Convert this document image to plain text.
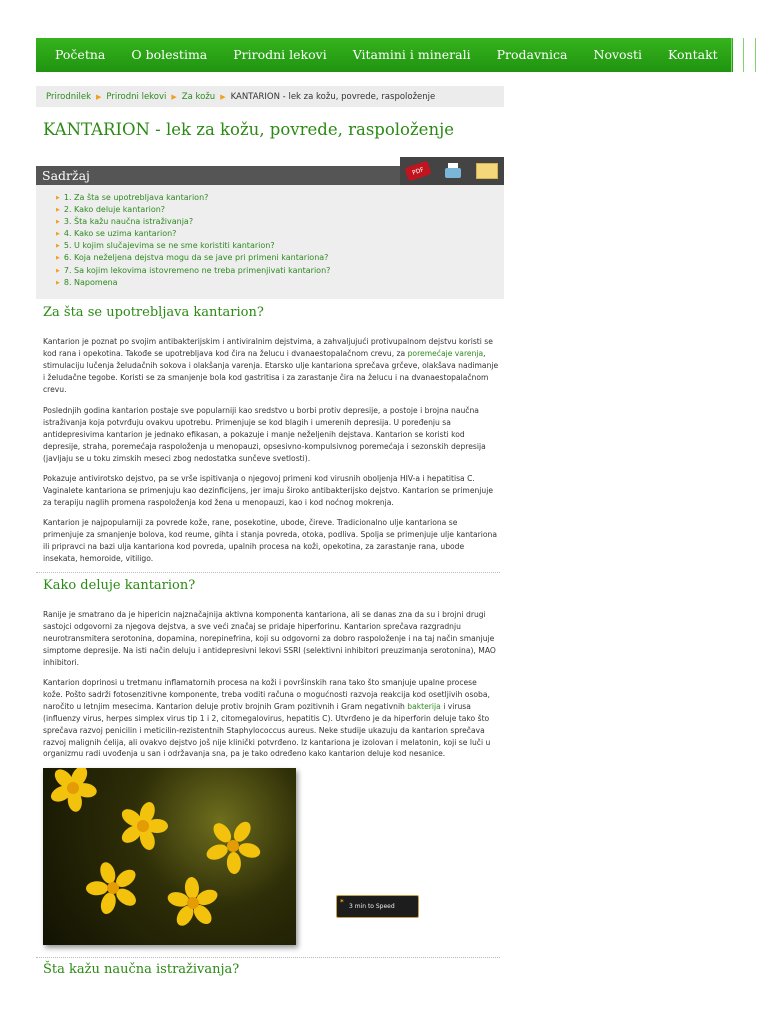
Početna	O bolestima	Prirodni lekovi	Vitamini i minerali	Prodavnica	Novosti	Kontakt
Prirodnilek ▶ Prirodni lekovi ▶ Za kožu ▶ KANTARION - lek za kožu, povrede, raspoloženje
KANTARION - lek za kožu, povrede, raspoloženje
Sadržaj	PDF
▶ 1. Za šta se upotrebljava kantarion?
▶ 2. Kako deluje kantarion?
▶ 3. Šta kažu naučna istraživanja?
▶ 4. Kako se uzima kantarion?
▶ 5. U kojim slučajevima se ne sme koristiti kantarion?
▶ 6. Koja neželjena dejstva mogu da se jave pri primeni kantariona?
▶ 7. Sa kojim lekovima istovremeno ne treba primenjivati kantarion?
▶ 8. Napomena
Za šta se upotrebljava kantarion?

Kantarion je poznat po svojim antibakterijskim i antiviralnim dejstvima, a zahvaljujući protivupalnom dejstvu koristi se kod rana i opekotina. Takođe se upotrebljava kod čira na želucu i dvanaestopalačnom crevu, za poremećaje varenja, stimulaciju lučenja želudačnih sokova i olakšanja varenja. Etarsko ulje kantariona sprečava grčeve, olakšava nadimanje i želudačne tegobe. Koristi se za smanjenje bola kod gastritisa i za zarastanje čira na želucu i na dvanaestopalačnom crevu.

Poslednjih godina kantarion postaje sve popularniji kao sredstvo u borbi protiv depresije, a postoje i brojna naučna istraživanja koja potvrđuju ovakvu upotrebu. Primenjuje se kod blagih i umerenih depresija. U poređenju sa antidepresivima kantarion je jednako efikasan, a pokazuje i manje neželjenih dejstava. Kantarion se koristi kod depresije, straha, poremećaja raspoloženja u menopauzi, opsesivno-kompulsivnog poremećaja i sezonskih depresija (javljaju se u toku zimskih meseci zbog nedostatka sunčeve svetlosti).

Pokazuje antivirotsko dejstvo, pa se vrše ispitivanja o njegovoj primeni kod virusnih oboljenja HIV-a i hepatitisa C. Vaginalete kantariona se primenjuju kao dezinficijens, jer imaju široko antibakterijsko dejstvo. Kantarion se primenjuje za terapiju naglih promena raspoloženja kod žena u menopauzi, kao i kod noćnog mokrenja.

Kantarion je najpopularniji za povrede kože, rane, posekotine, ubode, čireve. Tradicionalno ulje kantariona se primenjuje za smanjenje bolova, kod reume, gihta i stanja povreda, otoka, podliva. Spolja se primenjuje ulje kantariona ili pripravci na bazi ulja kantariona kod povreda, upalnih procesa na koži, opekotina, za zarastanje rana, ubode insekata, hemoroide, vitiligo.

Kako deluje kantarion?

Ranije je smatrano da je hipericin najznačajnija aktivna komponenta kantariona, ali se danas zna da su i brojni drugi sastojci odgovorni za njegova dejstva, a sve veći značaj se pridaje hiperforinu. Kantarion sprečava razgradnju neurotransmitera serotonina, dopamina, norepinefrina, koji su odgovorni za dobro raspoloženje i na taj način smanjuje simptome depresije. Na isti način deluju i antidepresivni lekovi SSRI (selektivni inhibitori preuzimanja serotonina), MAO inhibitori.

Kantarion doprinosi u tretmanu inflamatornih procesa na koži i površinskih rana tako što smanjuje upalne procese kože. Pošto sadrži fotosenzitivne komponente, treba voditi računa o mogućnosti razvoja reakcija kod osetljivih osoba, naročito u letnjim mesecima. Kantarion deluje protiv brojnih Gram pozitivnih i Gram negativnih bakterija i virusa (influenzy virus, herpes simplex virus tip 1 i 2, citomegalovirus, hepatitis C). Utvrđeno je da hiperforin deluje tako što sprečava razvoj penicilin i meticilin-rezistentnih Staphylococcus aureus. Neke studije ukazuju da kantarion sprečava razvoj malignih ćelija, ali ovakvo dejstvo još nije klinički potvrđeno. Iz kantariona je izolovan i melatonin, koji se luči u organizmu radi uvođenja u san i održavanja sna, pa je tako određeno kako kantarion deluje kod nesanice.

*
3 min to Speed
Šta kažu naučna istraživanja?
